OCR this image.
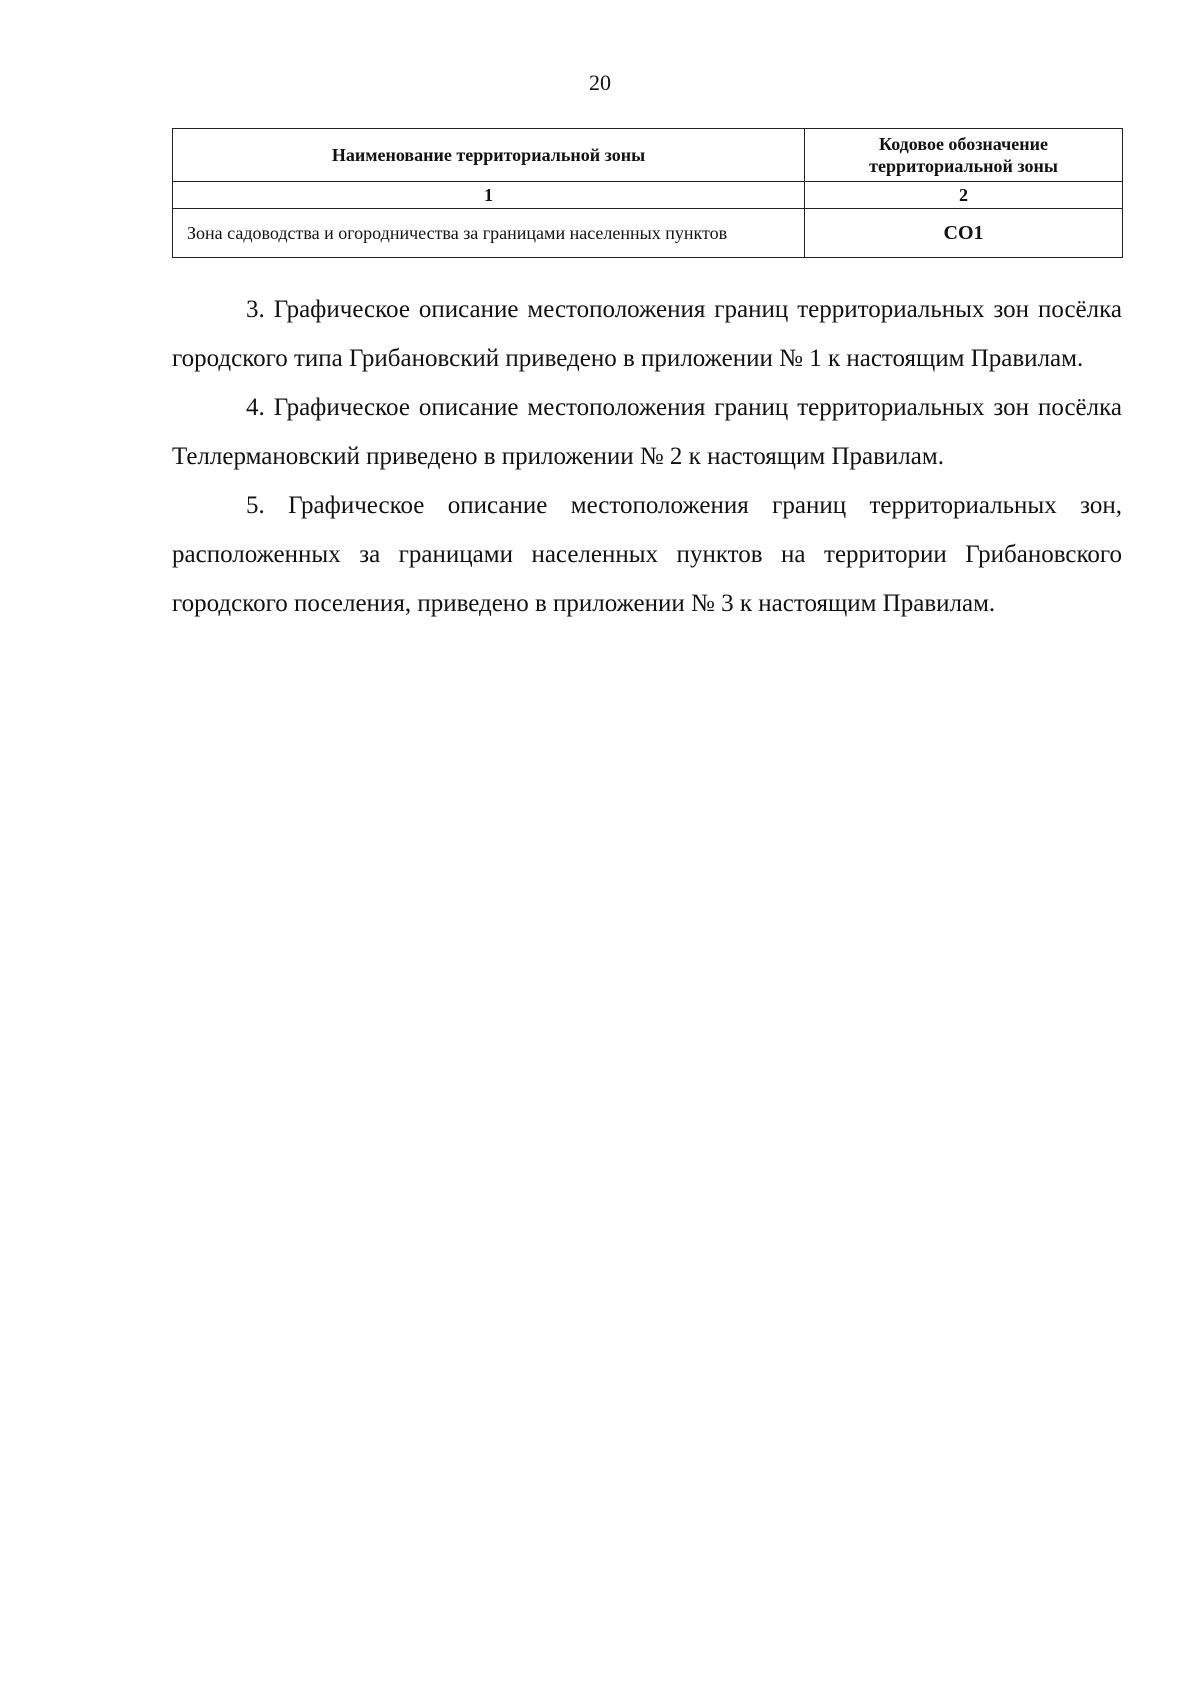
20
Наименование территориальной зоны	Кодовое обозначение территориальной зоны
1	2
Зона садоводства и огородничества за границами населенных пунктов	СО1

3. Графическое описание местоположения границ территориальных зон посёлка городского типа Грибановский приведено в приложении № 1 к настоящим Правилам.

4. Графическое описание местоположения границ территориальных зон посёлка Теллермановский приведено в приложении № 2 к настоящим Правилам.

5. Графическое описание местоположения границ территориальных зон, расположенных за границами населенных пунктов на территории Грибановского городского поселения, приведено в приложении № 3 к настоящим Правилам.
